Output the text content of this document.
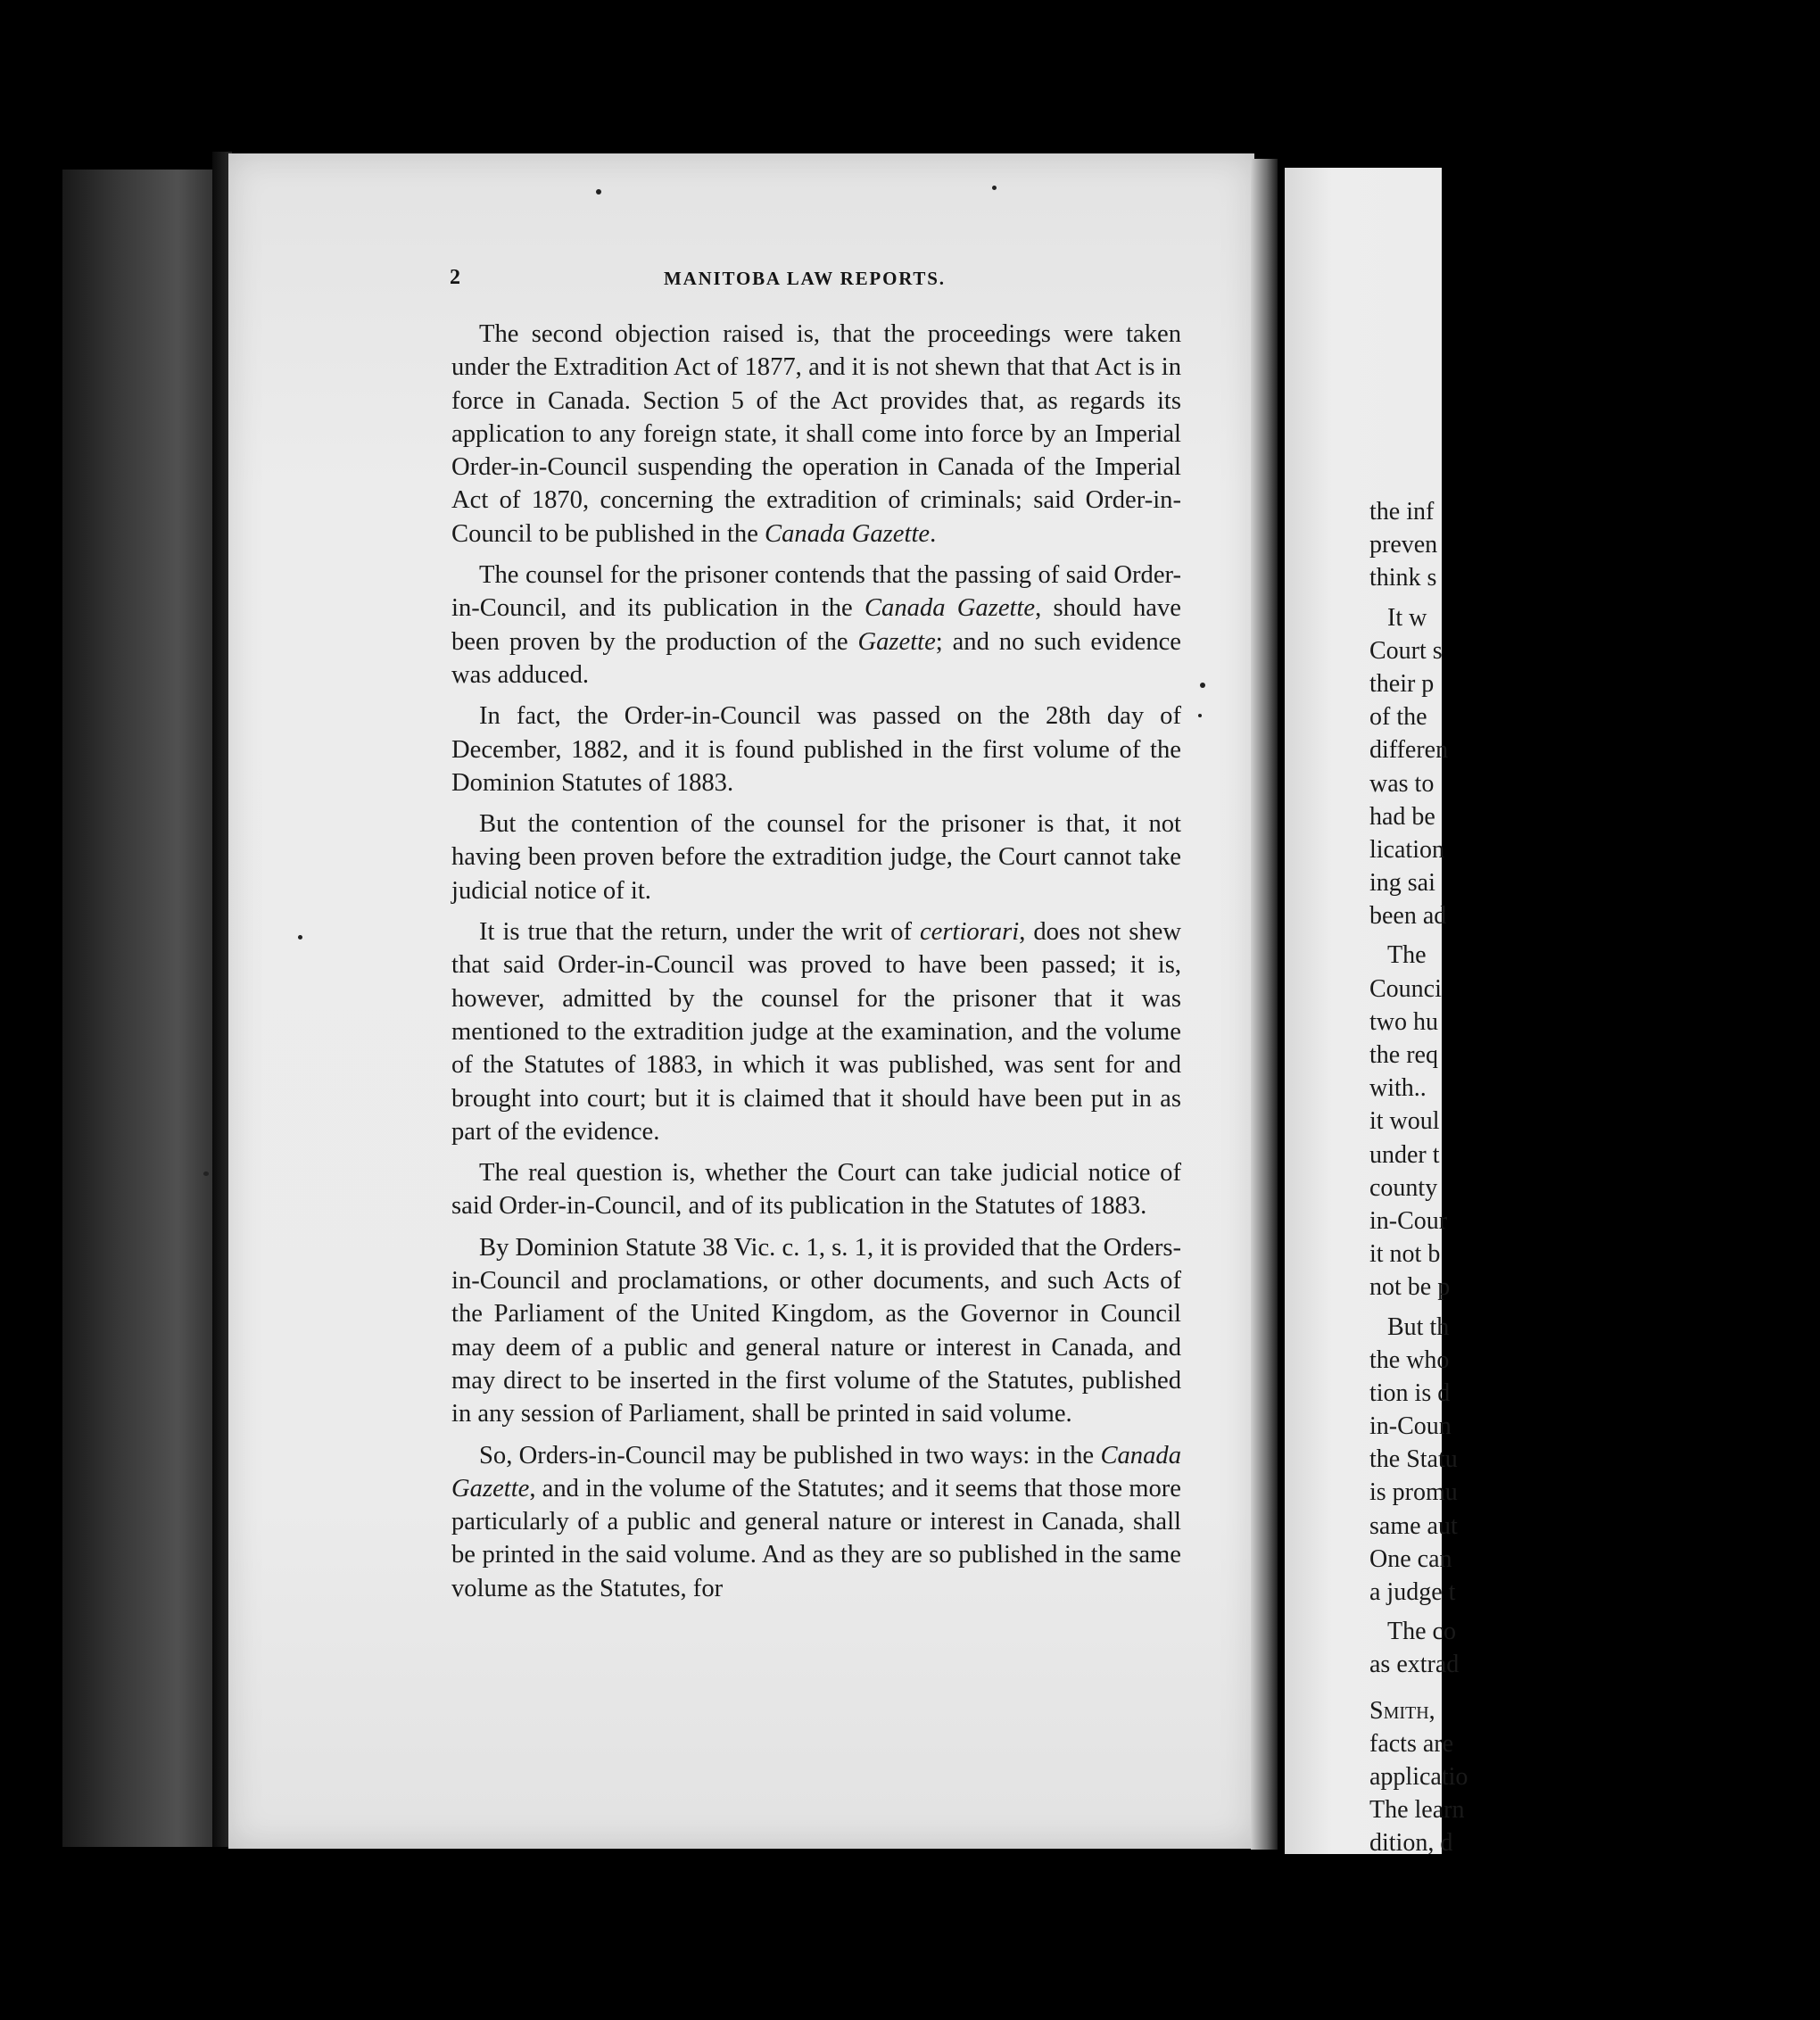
the inf
preven
think s
It w
Court s
their p
of the
differen
was to
had be
lication
ing sai
been ad
The
Counci
two hu
the req
with..
it woul
under t
county
in-Cour
it not b
not be p
But th
the who
tion is d
in-Coun
the Statu
is promu
same aut
One can
a judge t
The co
as extrad
Smith,
facts are
applicatio
The learn
dition, d
2	MANITOBA LAW REPORTS.

The second objection raised is, that the proceedings were taken under the Extradition Act of 1877, and it is not shewn that that Act is in force in Canada. Section 5 of the Act provides that, as regards its application to any foreign state, it shall come into force by an Imperial Order-in-Council suspending the operation in Canada of the Imperial Act of 1870, concerning the extradition of criminals; said Order-in-Council to be published in the Canada Gazette.

The counsel for the prisoner contends that the passing of said Order-in-Council, and its publication in the Canada Gazette, should have been proven by the production of the Gazette; and no such evidence was adduced.

In fact, the Order-in-Council was passed on the 28th day of December, 1882, and it is found published in the first volume of the Dominion Statutes of 1883.

But the contention of the counsel for the prisoner is that, it not having been proven before the extradition judge, the Court cannot take judicial notice of it.

It is true that the return, under the writ of certiorari, does not shew that said Order-in-Council was proved to have been passed; it is, however, admitted by the counsel for the prisoner that it was mentioned to the extradition judge at the examination, and the volume of the Statutes of 1883, in which it was published, was sent for and brought into court; but it is claimed that it should have been put in as part of the evidence.

The real question is, whether the Court can take judicial notice of said Order-in-Council, and of its publication in the Statutes of 1883.

By Dominion Statute 38 Vic. c. 1, s. 1, it is provided that the Orders-in-Council and proclamations, or other documents, and such Acts of the Parliament of the United Kingdom, as the Governor in Council may deem of a public and general nature or interest in Canada, and may direct to be inserted in the first volume of the Statutes, published in any session of Parliament, shall be printed in said volume.

So, Orders-in-Council may be published in two ways: in the Canada Gazette, and in the volume of the Statutes; and it seems that those more particularly of a public and general nature or interest in Canada, shall be printed in the said volume. And as they are so published in the same volume as the Statutes, for
